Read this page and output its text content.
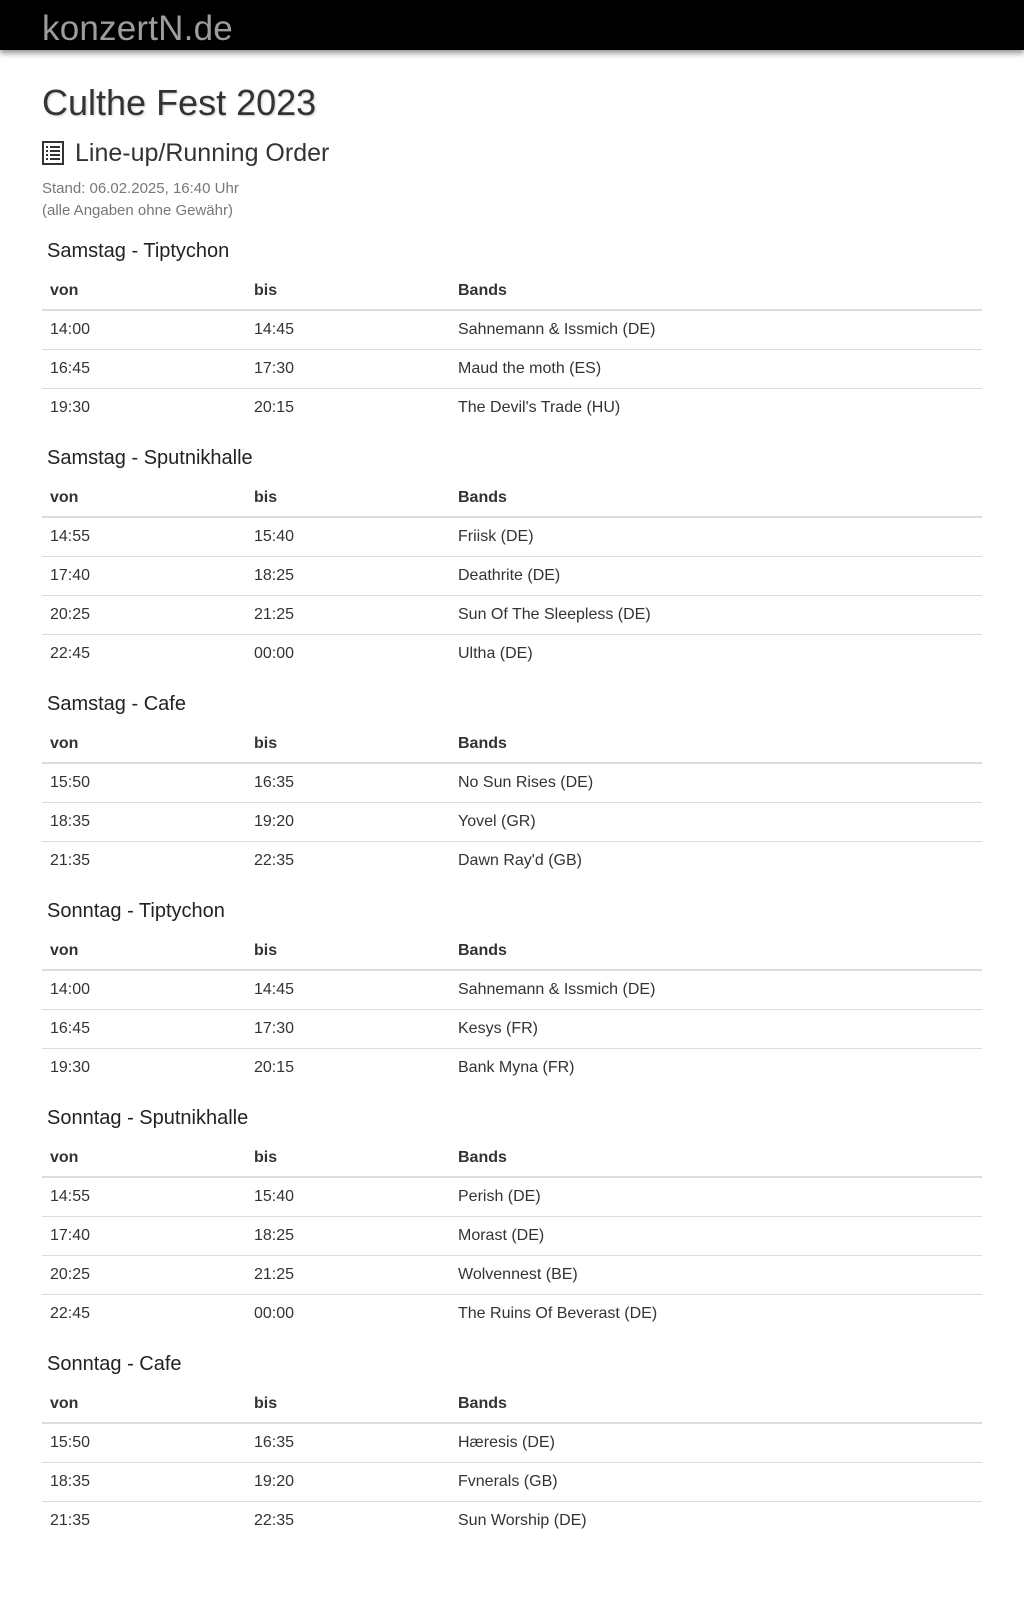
konzertN.de
Culthe Fest 2023
Line-up/Running Order
Stand: 06.02.2025, 16:40 Uhr
(alle Angaben ohne Gewähr)
Samstag - Tiptychon
von	bis	Bands
14:00	14:45	Sahnemann & Issmich (DE)
16:45	17:30	Maud the moth (ES)
19:30	20:15	The Devil's Trade (HU)
Samstag - Sputnikhalle
von	bis	Bands
14:55	15:40	Friisk (DE)
17:40	18:25	Deathrite (DE)
20:25	21:25	Sun Of The Sleepless (DE)
22:45	00:00	Ultha (DE)
Samstag - Cafe
von	bis	Bands
15:50	16:35	No Sun Rises (DE)
18:35	19:20	Yovel (GR)
21:35	22:35	Dawn Ray'd (GB)
Sonntag - Tiptychon
von	bis	Bands
14:00	14:45	Sahnemann & Issmich (DE)
16:45	17:30	Kesys (FR)
19:30	20:15	Bank Myna (FR)
Sonntag - Sputnikhalle
von	bis	Bands
14:55	15:40	Perish (DE)
17:40	18:25	Morast (DE)
20:25	21:25	Wolvennest (BE)
22:45	00:00	The Ruins Of Beverast (DE)
Sonntag - Cafe
von	bis	Bands
15:50	16:35	Hæresis (DE)
18:35	19:20	Fvnerals (GB)
21:35	22:35	Sun Worship (DE)
